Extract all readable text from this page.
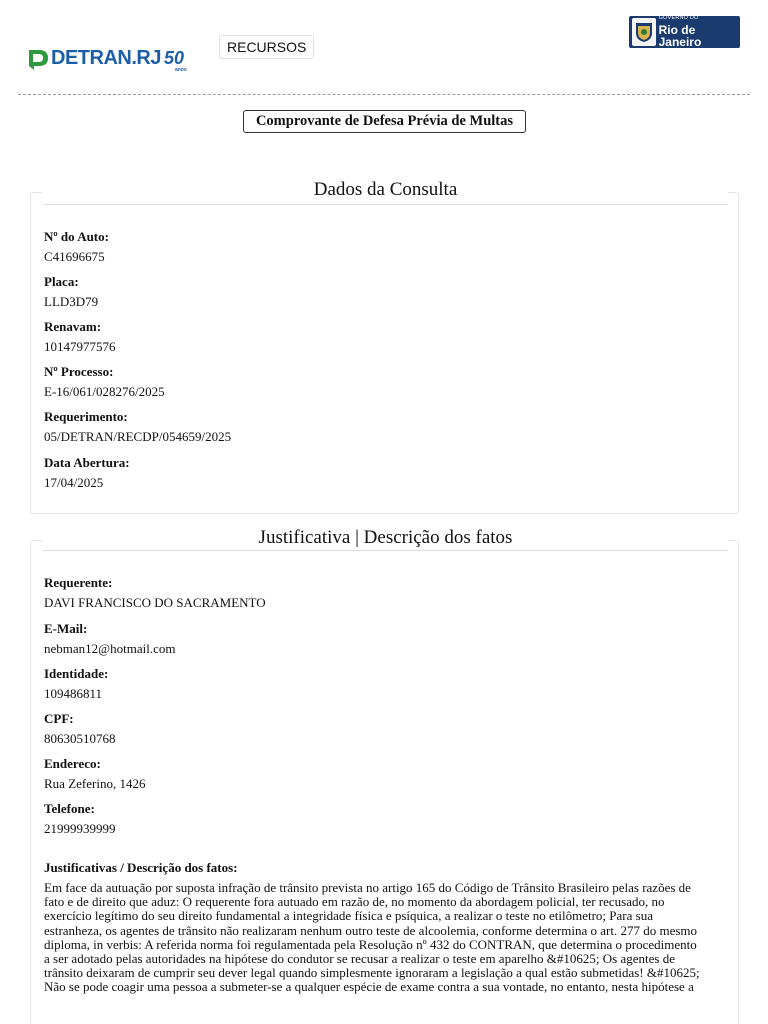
DETRAN.RJ 50
anos
RECURSOS
GOVERNO DO
Rio de Janeiro
Comprovante de Defesa Prévia de Multas
Dados da Consulta
Nº do Auto:
C41696675
Placa:
LLD3D79
Renavam:
10147977576
Nº Processo:
E-16/061/028276/2025
Requerimento:
05/DETRAN/RECDP/054659/2025
Data Abertura:
17/04/2025
Justificativa | Descrição dos fatos
Requerente:
DAVI FRANCISCO DO SACRAMENTO
E-Mail:
nebman12@hotmail.com
Identidade:
109486811
CPF:
80630510768
Endereco:
Rua Zeferino, 1426
Telefone:
21999939999
Justificativas / Descrição dos fatos:
Em face da autuação por suposta infração de trânsito prevista no artigo 165 do Código de Trânsito Brasileiro pelas razões de
fato e de direito que aduz: O requerente fora autuado em razão de, no momento da abordagem policial, ter recusado, no
exercício legítimo do seu direito fundamental a integridade física e psíquica, a realizar o teste no etilômetro; Para sua
estranheza, os agentes de trânsito não realizaram nenhum outro teste de alcoolemia, conforme determina o art. 277 do mesmo
diploma, in verbis: A referida norma foi regulamentada pela Resolução nº 432 do CONTRAN, que determina o procedimento
a ser adotado pelas autoridades na hipótese do condutor se recusar a realizar o teste em aparelho &#10625; Os agentes de
trânsito deixaram de cumprir seu dever legal quando simplesmente ignoraram a legislação a qual estão submetidas! &#10625;
Não se pode coagir uma pessoa a submeter-se a qualquer espécie de exame contra a sua vontade, no entanto, nesta hipótese a
